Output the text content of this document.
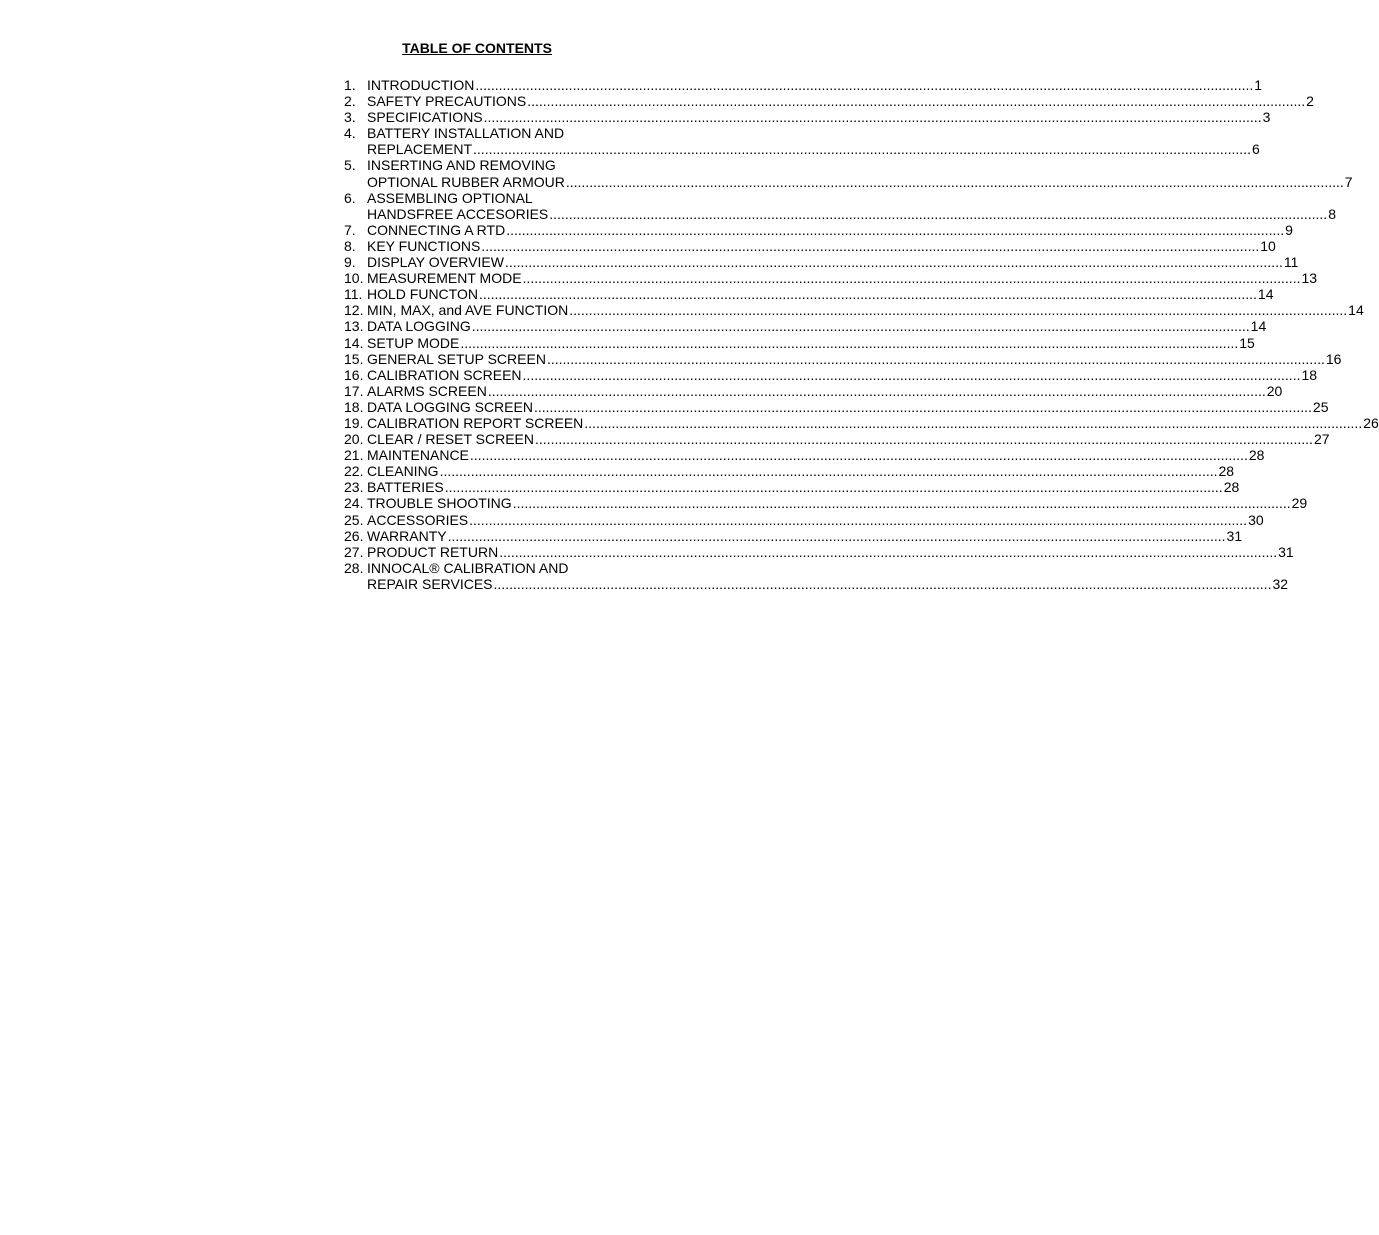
TABLE OF CONTENTS
1. INTRODUCTION ........................................................................................................................................................................................................ 1
2. SAFETY PRECAUTIONS ........................................................................................................................................................................................................ 2
3. SPECIFICATIONS ........................................................................................................................................................................................................ 3
4. BATTERY INSTALLATION AND
REPLACEMENT ........................................................................................................................................................................................................ 6
5. INSERTING AND REMOVING
OPTIONAL RUBBER ARMOUR ........................................................................................................................................................................................................ 7
6. ASSEMBLING OPTIONAL
HANDSFREE ACCESORIES ........................................................................................................................................................................................................ 8
7. CONNECTING A RTD ........................................................................................................................................................................................................ 9
8. KEY FUNCTIONS ........................................................................................................................................................................................................ 10
9. DISPLAY OVERVIEW ........................................................................................................................................................................................................ 11
10. MEASUREMENT MODE ........................................................................................................................................................................................................ 13
11. HOLD FUNCTON ........................................................................................................................................................................................................ 14
12. MIN, MAX, and AVE FUNCTION ........................................................................................................................................................................................................ 14
13. DATA LOGGING ........................................................................................................................................................................................................ 14
14. SETUP MODE ........................................................................................................................................................................................................ 15
15. GENERAL SETUP SCREEN ........................................................................................................................................................................................................ 16
16. CALIBRATION SCREEN ........................................................................................................................................................................................................ 18
17. ALARMS SCREEN ........................................................................................................................................................................................................ 20
18. DATA LOGGING SCREEN ........................................................................................................................................................................................................ 25
19. CALIBRATION REPORT SCREEN ........................................................................................................................................................................................................ 26
20. CLEAR / RESET SCREEN ........................................................................................................................................................................................................ 27
21. MAINTENANCE ........................................................................................................................................................................................................ 28
22. CLEANING ........................................................................................................................................................................................................ 28
23. BATTERIES ........................................................................................................................................................................................................ 28
24. TROUBLE SHOOTING ........................................................................................................................................................................................................ 29
25. ACCESSORIES ........................................................................................................................................................................................................ 30
26. WARRANTY ........................................................................................................................................................................................................ 31
27. PRODUCT RETURN ........................................................................................................................................................................................................ 31
28. INNOCAL® CALIBRATION AND
REPAIR SERVICES ........................................................................................................................................................................................................ 32
